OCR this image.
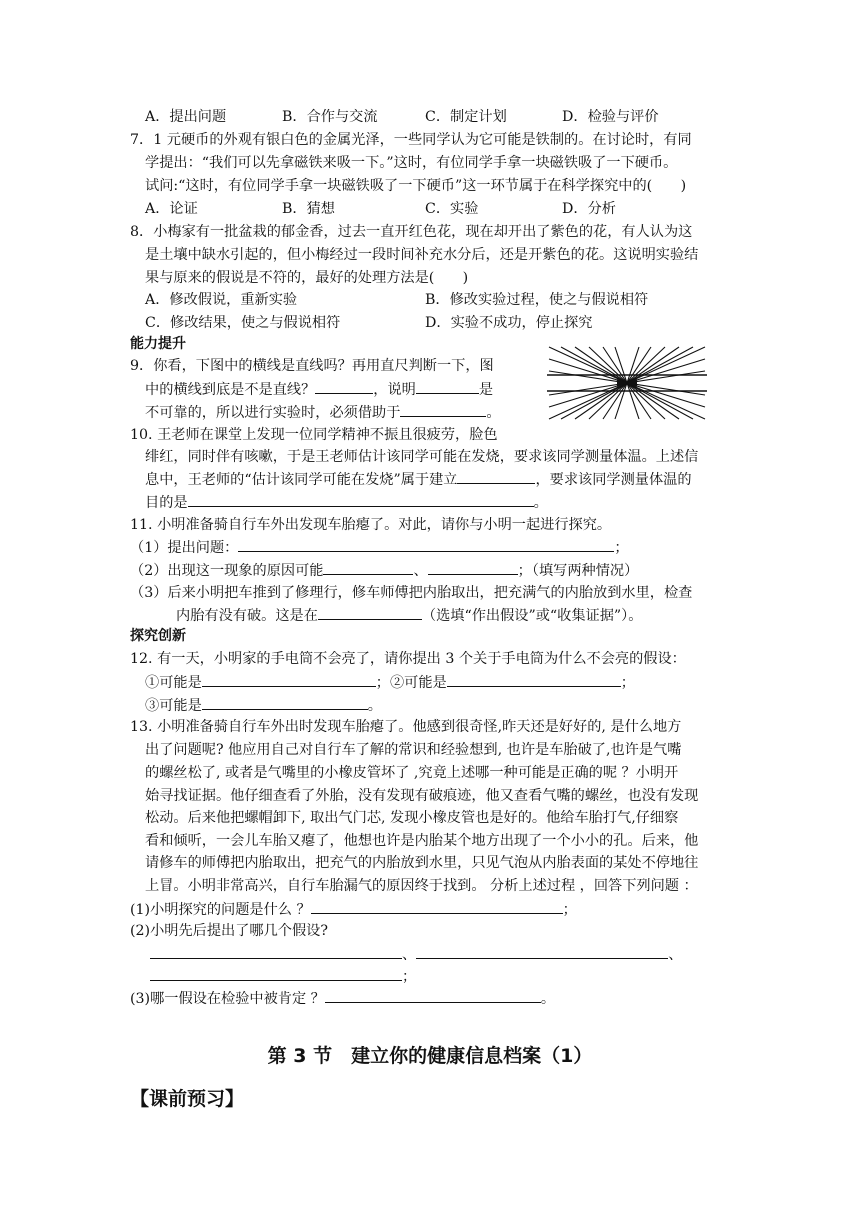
A．提出问题	B．合作与交流	C．制定计划	D．检验与评价
7．1 元硬币的外观有银白色的金属光泽，一些同学认为它可能是铁制的。在讨论时，有同
学提出：“我们可以先拿磁铁来吸一下。”这时，有位同学手拿一块磁铁吸了一下硬币。
试问:“这时，有位同学手拿一块磁铁吸了一下硬币”这一环节属于在科学探究中的(　　)
A．论证	B．猜想	C．实验	D．分析
8．小梅家有一批盆栽的郁金香，过去一直开红色花，现在却开出了紫色的花，有人认为这
是土壤中缺水引起的，但小梅经过一段时间补充水分后，还是开紫色的花。这说明实验结
果与原来的假说是不符的，最好的处理方法是(　　)
A．修改假说，重新实验	B．修改实验过程，使之与假说相符
C．修改结果，使之与假说相符	D．实验不成功，停止探究
能力提升
9．你看，下图中的横线是直线吗？再用直尺判断一下，图
中的横线到底是不是直线？	，说明	是
不可靠的，所以进行实验时，必须借助于	。
10. 王老师在课堂上发现一位同学精神不振且很疲劳，脸色
绯红，同时伴有咳嗽，于是王老师估计该同学可能在发烧，要求该同学测量体温。上述信
息中，王老师的“估计该同学可能在发烧”属于建立	，要求该同学测量体温的
目的是	。
11. 小明准备骑自行车外出发现车胎瘪了。对此，请你与小明一起进行探究。
（1）提出问题：	；
（2）出现这一现象的原因可能	、	；（填写两种情况）
（3）后来小明把车推到了修理行，修车师傅把内胎取出，把充满气的内胎放到水里，检查
内胎有没有破。这是在	（选填“作出假设”或“收集证据”）。
探究创新
12. 有一天，小明家的手电筒不会亮了，请你提出 3 个关于手电筒为什么不会亮的假设：
①可能是	；②可能是	；
③可能是	。
13. 小明准备骑自行车外出时发现车胎瘪了。他感到很奇怪,昨天还是好好的, 是什么地方
出了问题呢? 他应用自己对自行车了解的常识和经验想到, 也许是车胎破了,也许是气嘴
的螺丝松了, 或者是气嘴里的小橡皮管坏了 ,究竟上述哪一种可能是正确的呢 ？小明开
始寻找证据。他仔细查看了外胎，没有发现有破痕迹，他又查看气嘴的螺丝，也没有发现
松动。后来他把螺帽卸下, 取出气门芯, 发现小橡皮管也是好的。他给车胎打气,仔细察
看和倾听，一会儿车胎又瘪了，他想也许是内胎某个地方出现了一个小小的孔。后来，他
请修车的师傅把内胎取出，把充气的内胎放到水里，只见气泡从内胎表面的某处不停地往
上冒。小明非常高兴，自行车胎漏气的原因终于找到。 分析上述过程 ，回答下列问题 ：
(1)小明探究的问题是什么 ？	；
(2)小明先后提出了哪几个假设?
、	、
；
(3)哪一假设在检验中被肯定 ？	。
第 3 节　建立你的健康信息档案（1）
【课前预习】
